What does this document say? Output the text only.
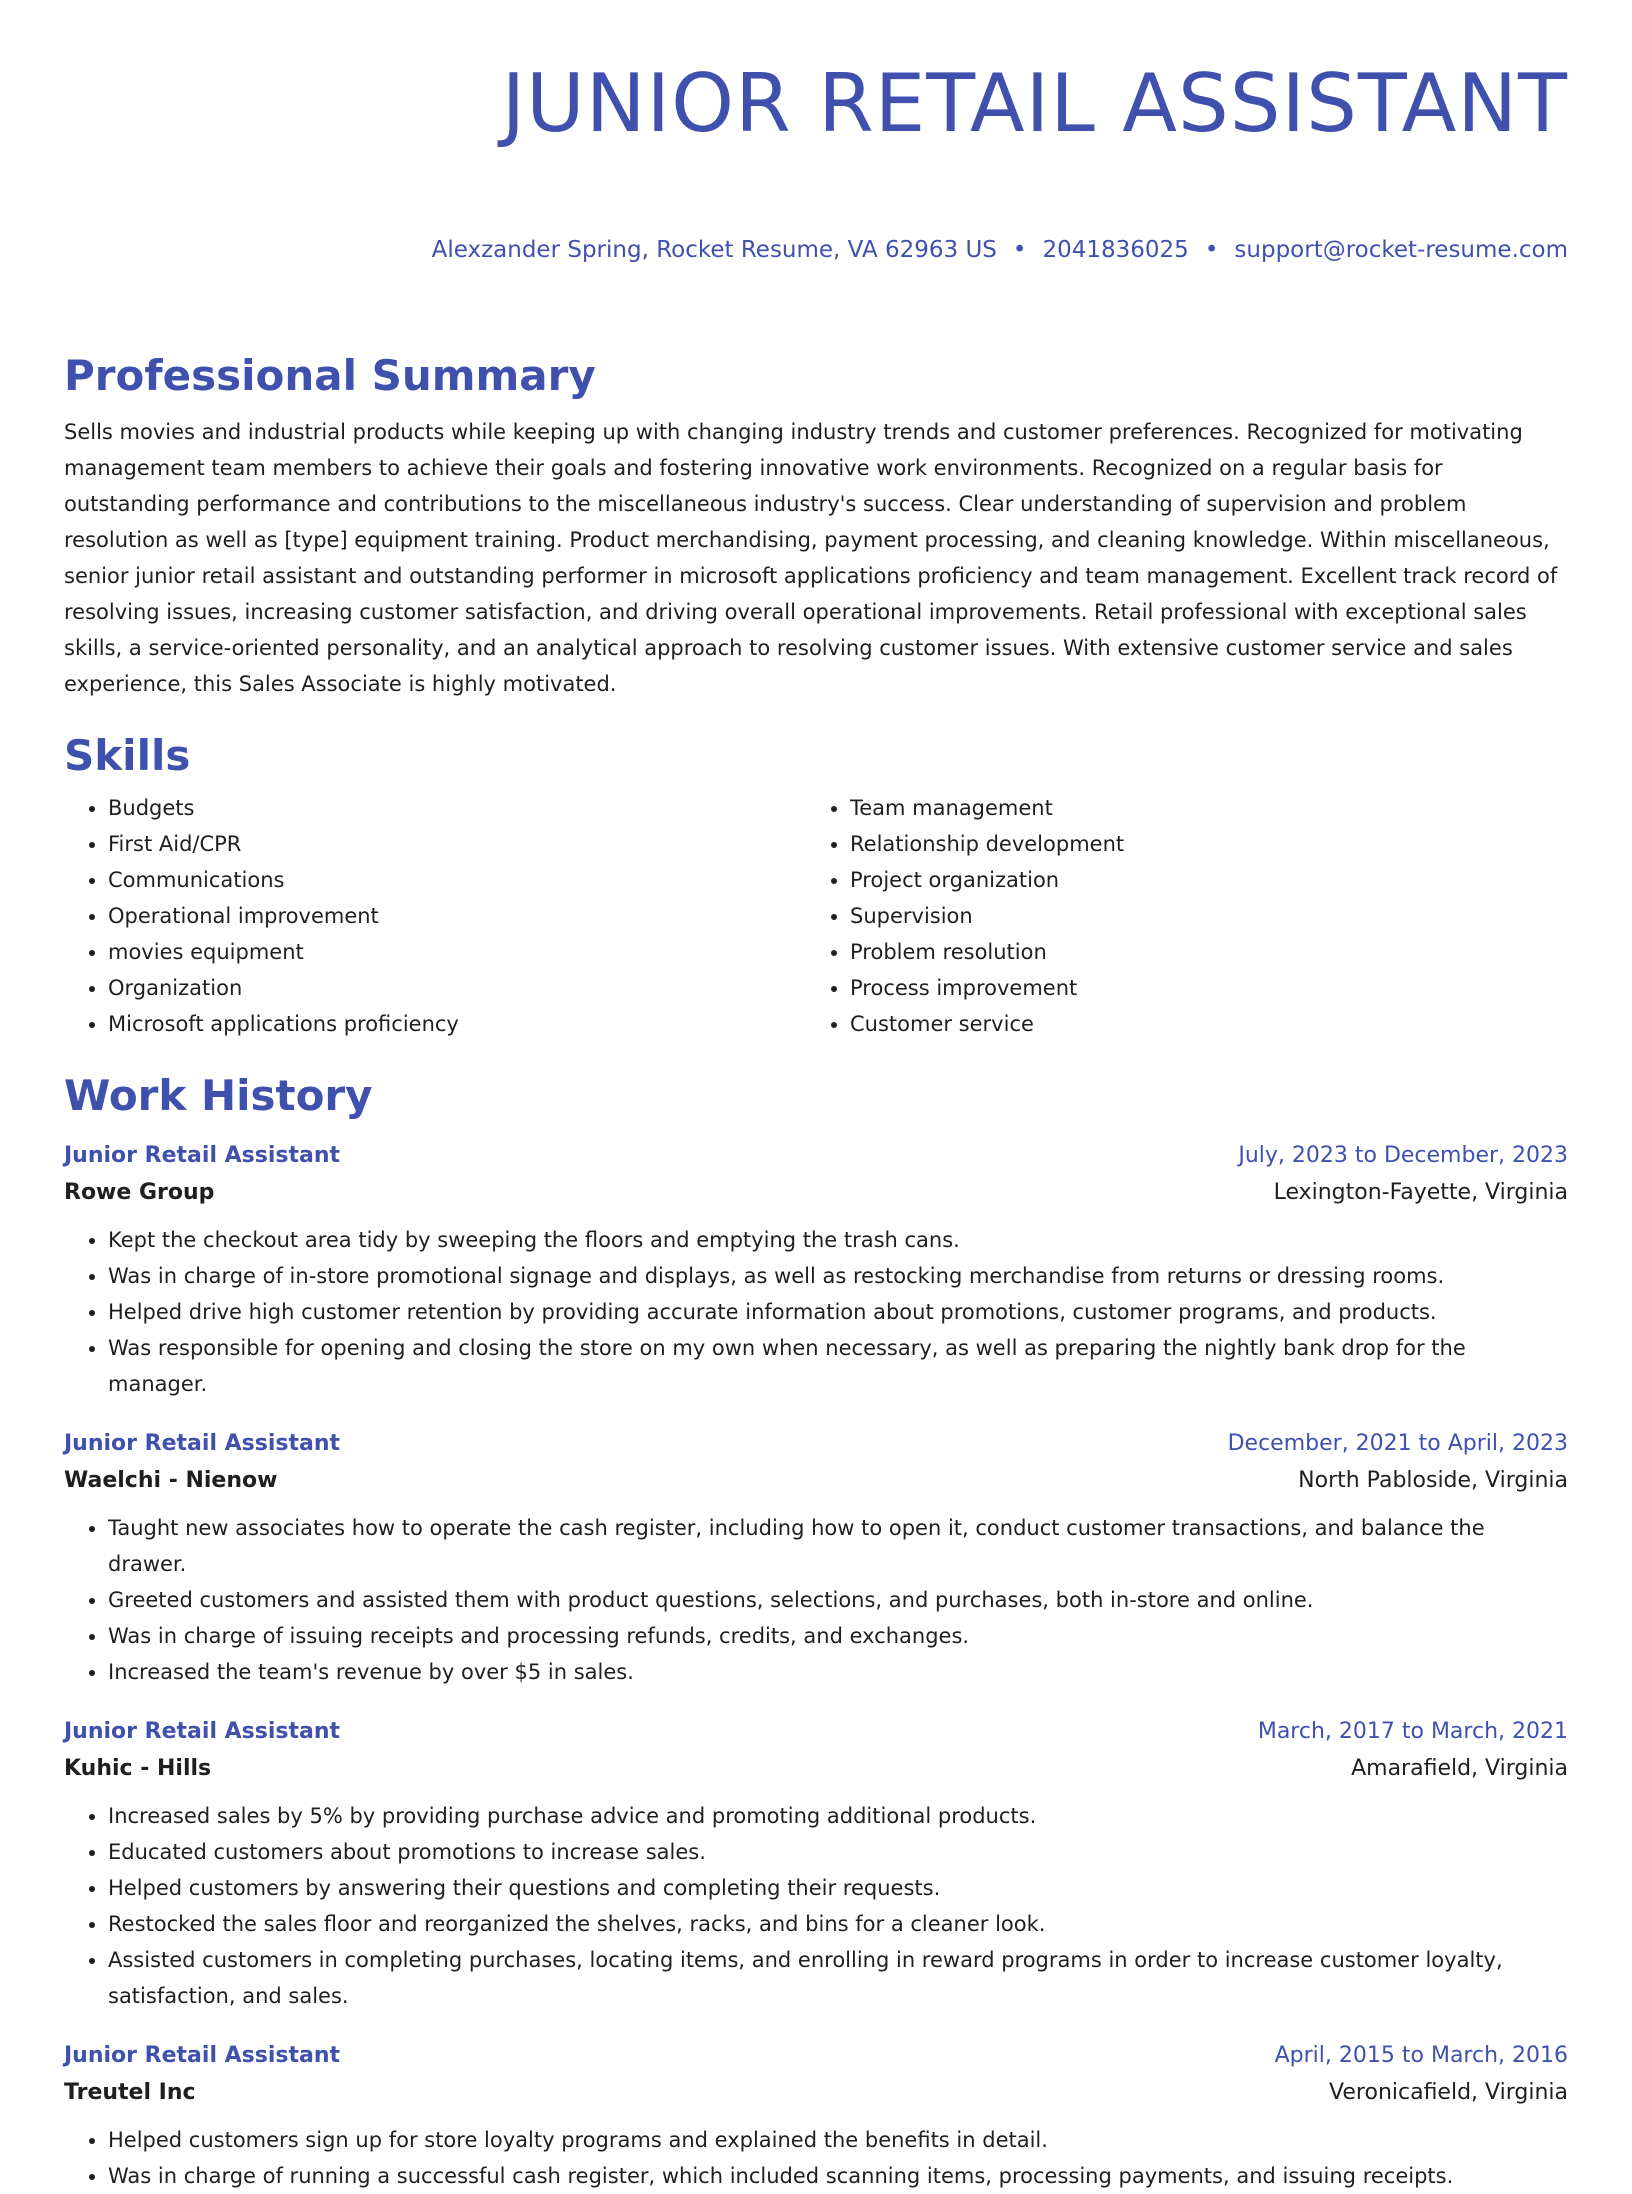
JUNIOR RETAIL ASSISTANT
Alexzander Spring, Rocket Resume, VA 62963 US • 2041836025 • support@rocket-resume.com
Professional Summary
Sells movies and industrial products while keeping up with changing industry trends and customer preferences. Recognized for motivating management team members to achieve their goals and fostering innovative work environments. Recognized on a regular basis for outstanding performance and contributions to the miscellaneous industry's success. Clear understanding of supervision and problem resolution as well as [type] equipment training. Product merchandising, payment processing, and cleaning knowledge. Within miscellaneous, senior junior retail assistant and outstanding performer in microsoft applications proficiency and team management. Excellent track record of resolving issues, increasing customer satisfaction, and driving overall operational improvements. Retail professional with exceptional sales skills, a service-oriented personality, and an analytical approach to resolving customer issues. With extensive customer service and sales experience, this Sales Associate is highly motivated.
Skills
• Budgets
• First Aid/CPR
• Communications
• Operational improvement
• movies equipment
• Organization
• Microsoft applications proficiency
• Team management
• Relationship development
• Project organization
• Supervision
• Problem resolution
• Process improvement
• Customer service
Work History
Junior Retail Assistant	July, 2023 to December, 2023
Rowe Group	Lexington-Fayette, Virginia
• Kept the checkout area tidy by sweeping the floors and emptying the trash cans.
• Was in charge of in-store promotional signage and displays, as well as restocking merchandise from returns or dressing rooms.
• Helped drive high customer retention by providing accurate information about promotions, customer programs, and products.
• Was responsible for opening and closing the store on my own when necessary, as well as preparing the nightly bank drop for the manager.
Junior Retail Assistant	December, 2021 to April, 2023
Waelchi - Nienow	North Pabloside, Virginia
• Taught new associates how to operate the cash register, including how to open it, conduct customer transactions, and balance the drawer.
• Greeted customers and assisted them with product questions, selections, and purchases, both in-store and online.
• Was in charge of issuing receipts and processing refunds, credits, and exchanges.
• Increased the team's revenue by over $5 in sales.
Junior Retail Assistant	March, 2017 to March, 2021
Kuhic - Hills	Amarafield, Virginia
• Increased sales by 5% by providing purchase advice and promoting additional products.
• Educated customers about promotions to increase sales.
• Helped customers by answering their questions and completing their requests.
• Restocked the sales floor and reorganized the shelves, racks, and bins for a cleaner look.
• Assisted customers in completing purchases, locating items, and enrolling in reward programs in order to increase customer loyalty, satisfaction, and sales.
Junior Retail Assistant	April, 2015 to March, 2016
Treutel Inc	Veronicafield, Virginia
• Helped customers sign up for store loyalty programs and explained the benefits in detail.
• Was in charge of running a successful cash register, which included scanning items, processing payments, and issuing receipts.
